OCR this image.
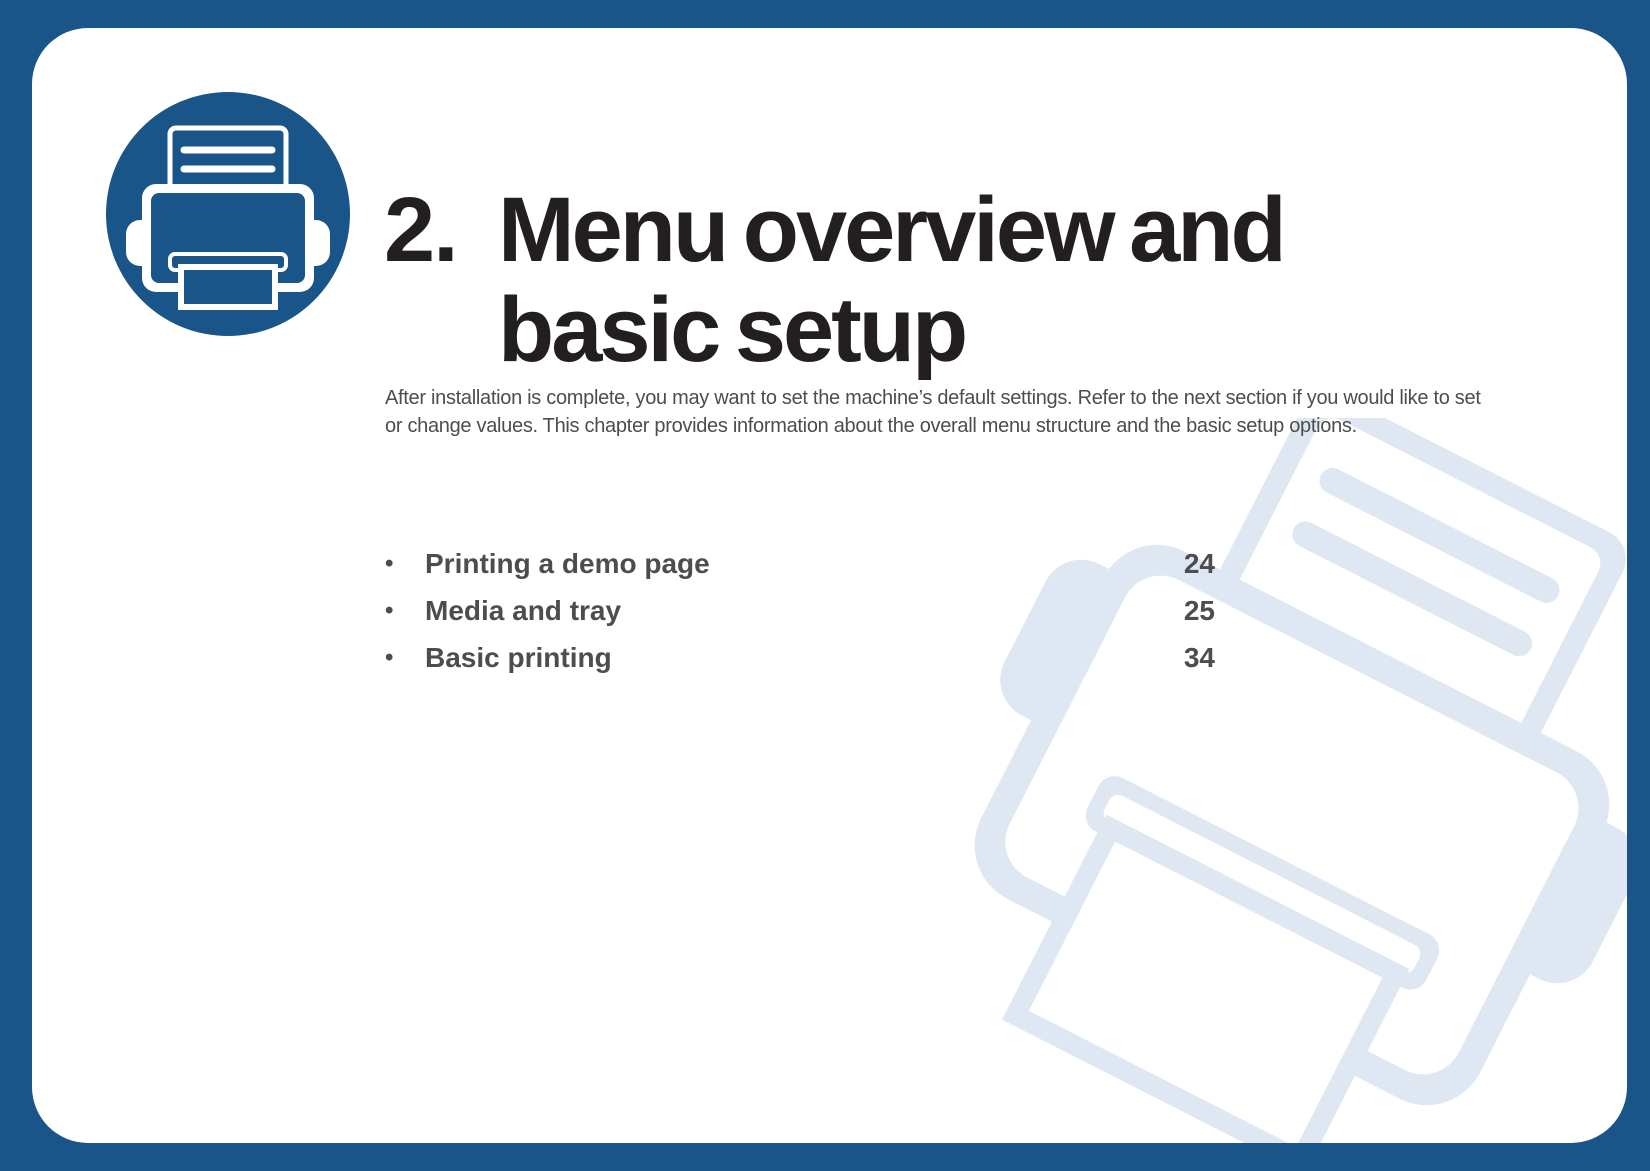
2. Menu overview and basic setup

After installation is complete, you may want to set the machine’s default settings. Refer to the next section if you would like to set or change values. This chapter provides information about the overall menu structure and the basic setup options.

• Printing a demo page	24
• Media and tray	25
• Basic printing	34
